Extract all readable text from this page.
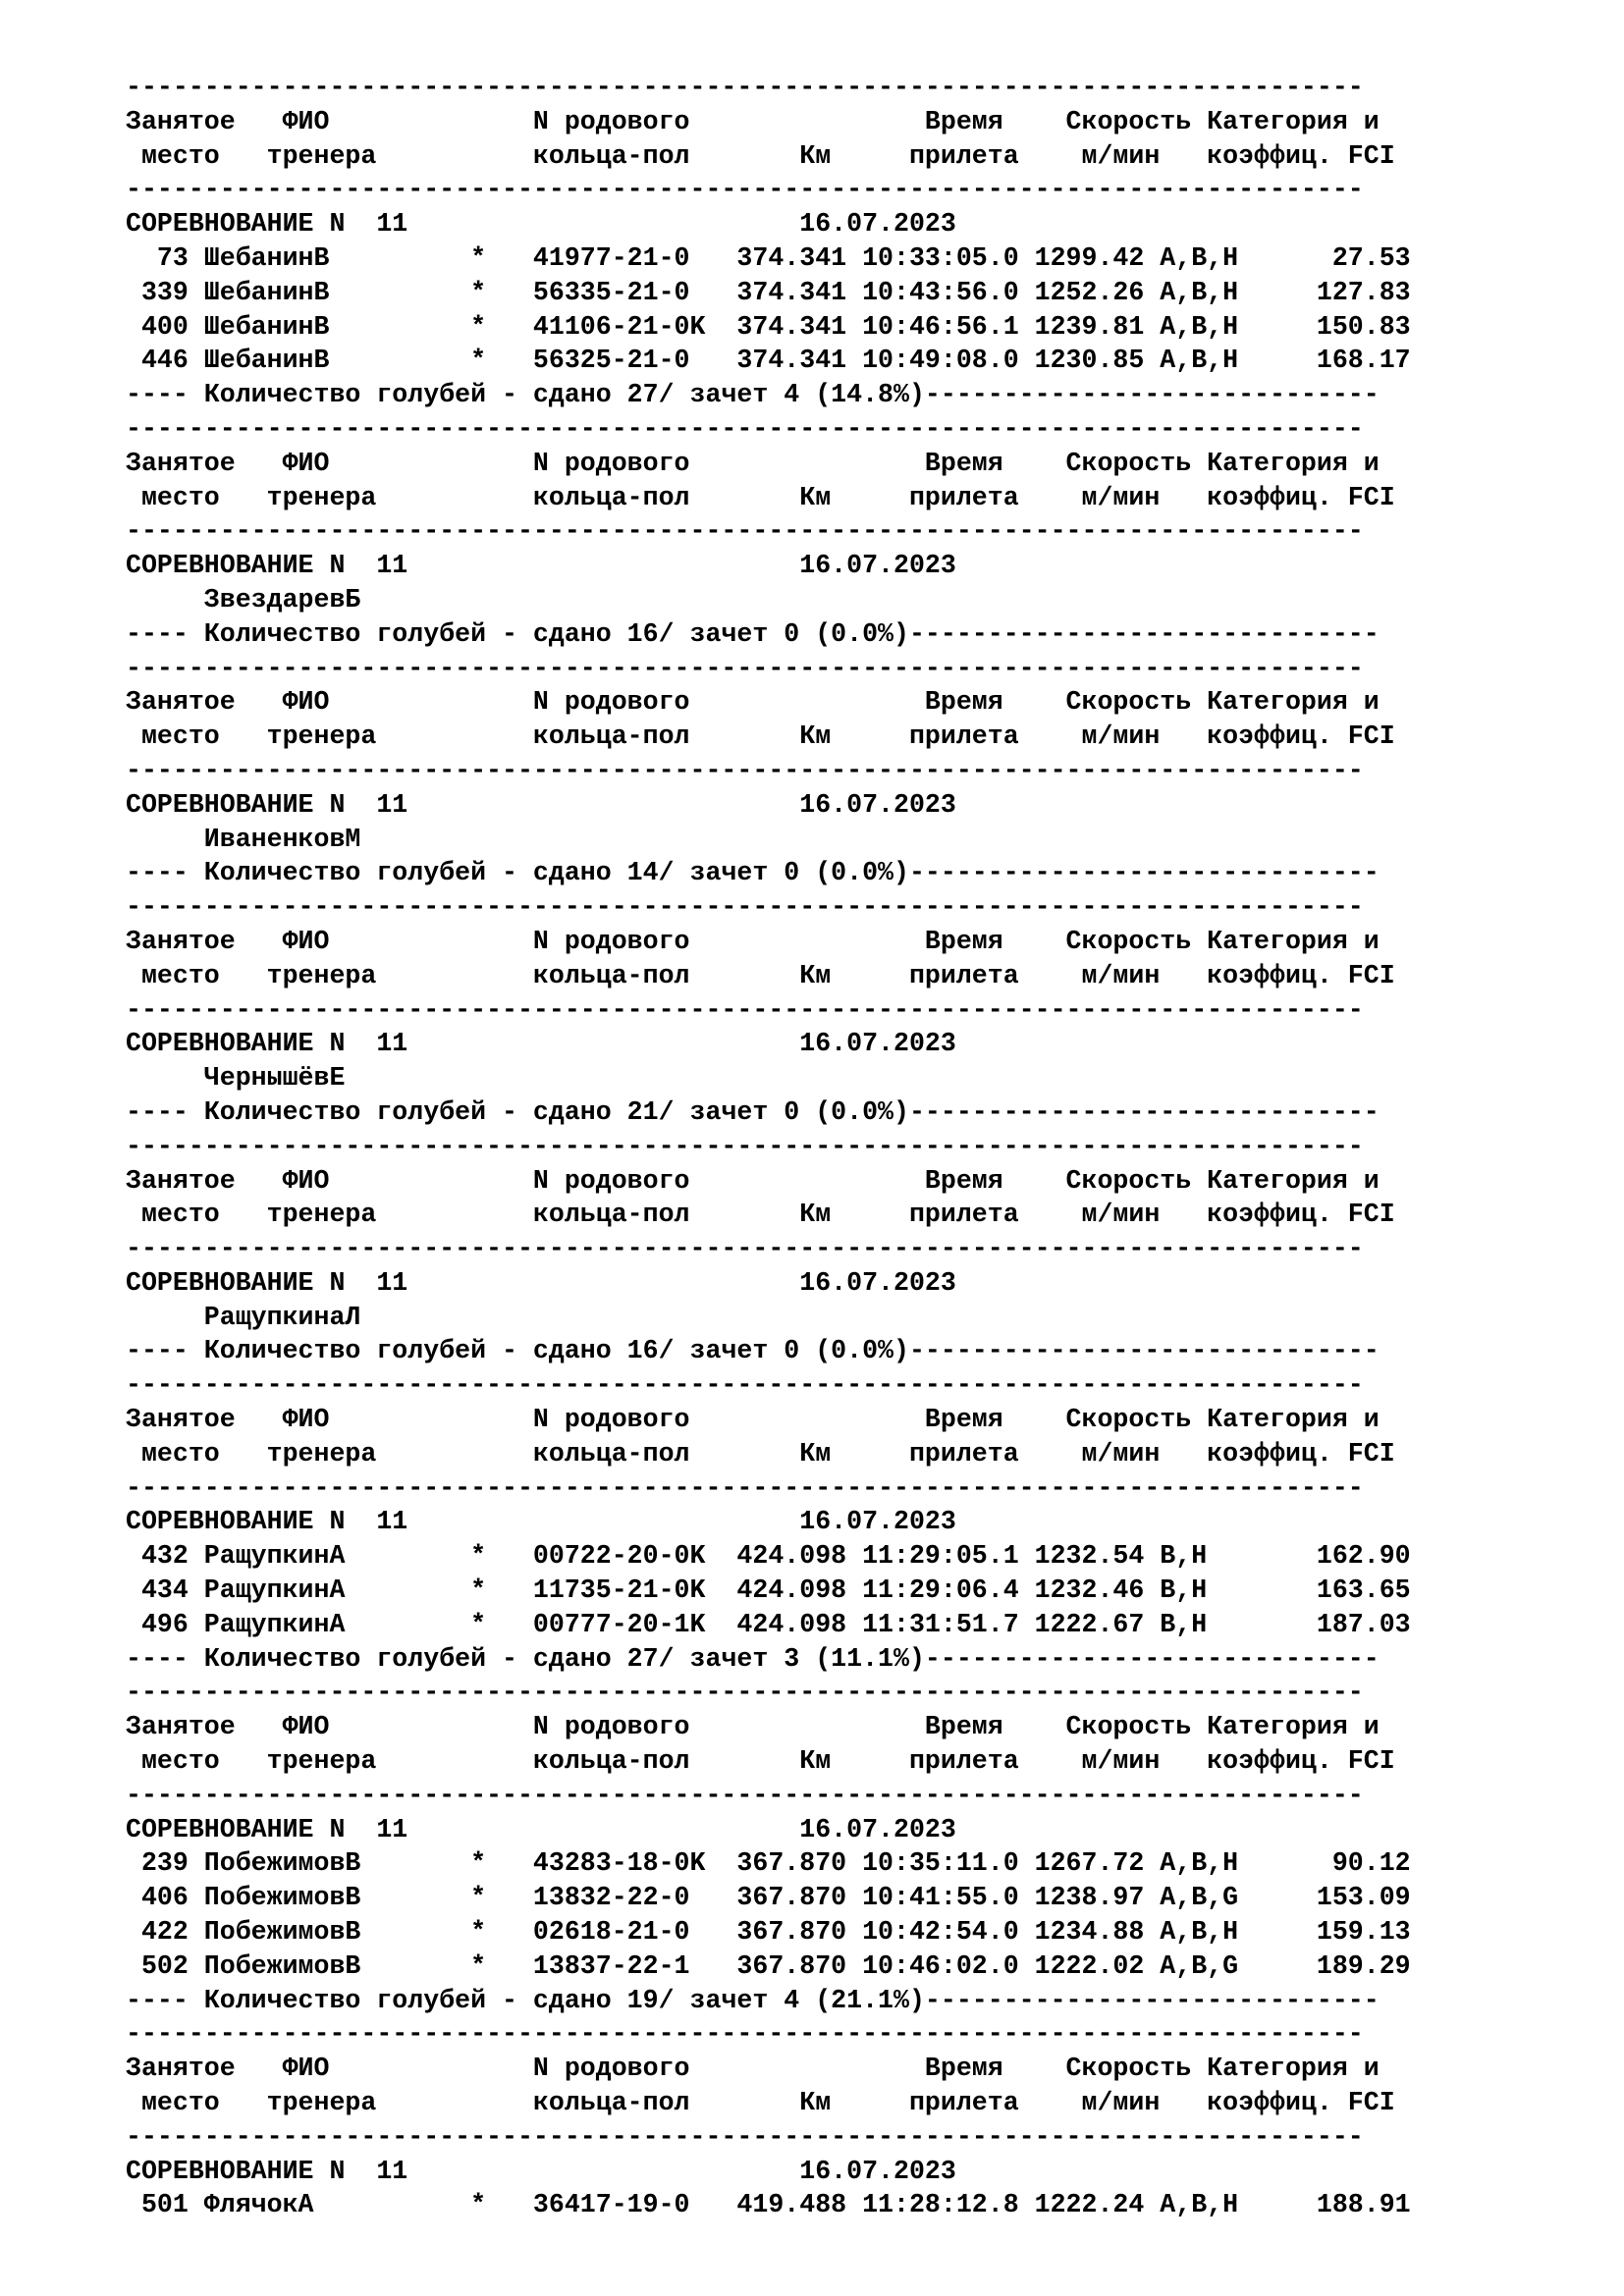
-------------------------------------------------------------------------------
Занятое   ФИО             N родового               Время    Скорость Категория и
место   тренера          кольца-пол       Км     прилета    м/мин   коэффиц. FCI
-------------------------------------------------------------------------------
СОРЕВНОВАНИЕ N  11                         16.07.2023
73 ШебанинВ         *   41977-21-0   374.341 10:33:05.0 1299.42 A,B,H      27.53
339 ШебанинВ         *   56335-21-0   374.341 10:43:56.0 1252.26 A,B,H     127.83
400 ШебанинВ         *   41106-21-0K  374.341 10:46:56.1 1239.81 A,B,H     150.83
446 ШебанинВ         *   56325-21-0   374.341 10:49:08.0 1230.85 A,B,H     168.17
---- Количество голубей - сдано 27/ зачет 4 (14.8%)-----------------------------
-------------------------------------------------------------------------------
Занятое   ФИО             N родового               Время    Скорость Категория и
место   тренера          кольца-пол       Км     прилета    м/мин   коэффиц. FCI
-------------------------------------------------------------------------------
СОРЕВНОВАНИЕ N  11                         16.07.2023
ЗвездаревБ
---- Количество голубей - сдано 16/ зачет 0 (0.0%)------------------------------
-------------------------------------------------------------------------------
Занятое   ФИО             N родового               Время    Скорость Категория и
место   тренера          кольца-пол       Км     прилета    м/мин   коэффиц. FCI
-------------------------------------------------------------------------------
СОРЕВНОВАНИЕ N  11                         16.07.2023
ИваненковМ
---- Количество голубей - сдано 14/ зачет 0 (0.0%)------------------------------
-------------------------------------------------------------------------------
Занятое   ФИО             N родового               Время    Скорость Категория и
место   тренера          кольца-пол       Км     прилета    м/мин   коэффиц. FCI
-------------------------------------------------------------------------------
СОРЕВНОВАНИЕ N  11                         16.07.2023
ЧернышёвЕ
---- Количество голубей - сдано 21/ зачет 0 (0.0%)------------------------------
-------------------------------------------------------------------------------
Занятое   ФИО             N родового               Время    Скорость Категория и
место   тренера          кольца-пол       Км     прилета    м/мин   коэффиц. FCI
-------------------------------------------------------------------------------
СОРЕВНОВАНИЕ N  11                         16.07.2023
РащупкинаЛ
---- Количество голубей - сдано 16/ зачет 0 (0.0%)------------------------------
-------------------------------------------------------------------------------
Занятое   ФИО             N родового               Время    Скорость Категория и
место   тренера          кольца-пол       Км     прилета    м/мин   коэффиц. FCI
-------------------------------------------------------------------------------
СОРЕВНОВАНИЕ N  11                         16.07.2023
432 РащупкинА        *   00722-20-0K  424.098 11:29:05.1 1232.54 B,H       162.90
434 РащупкинА        *   11735-21-0K  424.098 11:29:06.4 1232.46 B,H       163.65
496 РащупкинА        *   00777-20-1K  424.098 11:31:51.7 1222.67 B,H       187.03
---- Количество голубей - сдано 27/ зачет 3 (11.1%)-----------------------------
-------------------------------------------------------------------------------
Занятое   ФИО             N родового               Время    Скорость Категория и
место   тренера          кольца-пол       Км     прилета    м/мин   коэффиц. FCI
-------------------------------------------------------------------------------
СОРЕВНОВАНИЕ N  11                         16.07.2023
239 ПобежимовВ       *   43283-18-0K  367.870 10:35:11.0 1267.72 A,B,H      90.12
406 ПобежимовВ       *   13832-22-0   367.870 10:41:55.0 1238.97 A,B,G     153.09
422 ПобежимовВ       *   02618-21-0   367.870 10:42:54.0 1234.88 A,B,H     159.13
502 ПобежимовВ       *   13837-22-1   367.870 10:46:02.0 1222.02 A,B,G     189.29
---- Количество голубей - сдано 19/ зачет 4 (21.1%)-----------------------------
-------------------------------------------------------------------------------
Занятое   ФИО             N родового               Время    Скорость Категория и
место   тренера          кольца-пол       Км     прилета    м/мин   коэффиц. FCI
-------------------------------------------------------------------------------
СОРЕВНОВАНИЕ N  11                         16.07.2023
501 ФлячокА          *   36417-19-0   419.488 11:28:12.8 1222.24 A,B,H     188.91
